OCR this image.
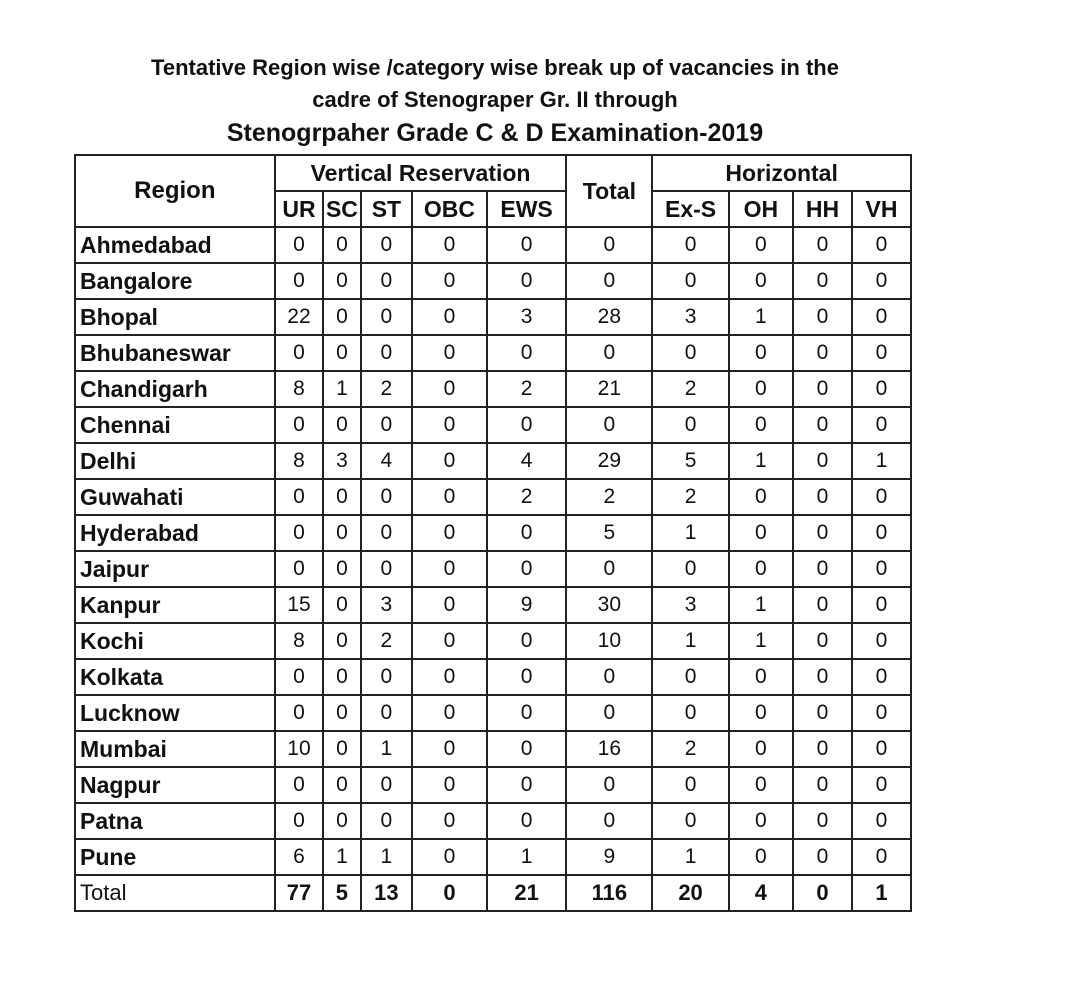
Tentative Region wise /category wise break up of vacancies in the
cadre of Stenograper Gr. II through
Stenogrpaher Grade C & D Examination-2019
Region	Vertical Reservation					Total	Horizontal			
	UR	SC	ST	OBC	EWS		Ex-S	OH	HH	VH
Ahmedabad	0	0	0	0	0	0	0	0	0	0
Bangalore	0	0	0	0	0	0	0	0	0	0
Bhopal	22	0	0	0	3	28	3	1	0	0
Bhubaneswar	0	0	0	0	0	0	0	0	0	0
Chandigarh	8	1	2	0	2	21	2	0	0	0
Chennai	0	0	0	0	0	0	0	0	0	0
Delhi	8	3	4	0	4	29	5	1	0	1
Guwahati	0	0	0	0	2	2	2	0	0	0
Hyderabad	0	0	0	0	0	5	1	0	0	0
Jaipur	0	0	0	0	0	0	0	0	0	0
Kanpur	15	0	3	0	9	30	3	1	0	0
Kochi	8	0	2	0	0	10	1	1	0	0
Kolkata	0	0	0	0	0	0	0	0	0	0
Lucknow	0	0	0	0	0	0	0	0	0	0
Mumbai	10	0	1	0	0	16	2	0	0	0
Nagpur	0	0	0	0	0	0	0	0	0	0
Patna	0	0	0	0	0	0	0	0	0	0
Pune	6	1	1	0	1	9	1	0	0	0
Total	77	5	13	0	21	116	20	4	0	1
